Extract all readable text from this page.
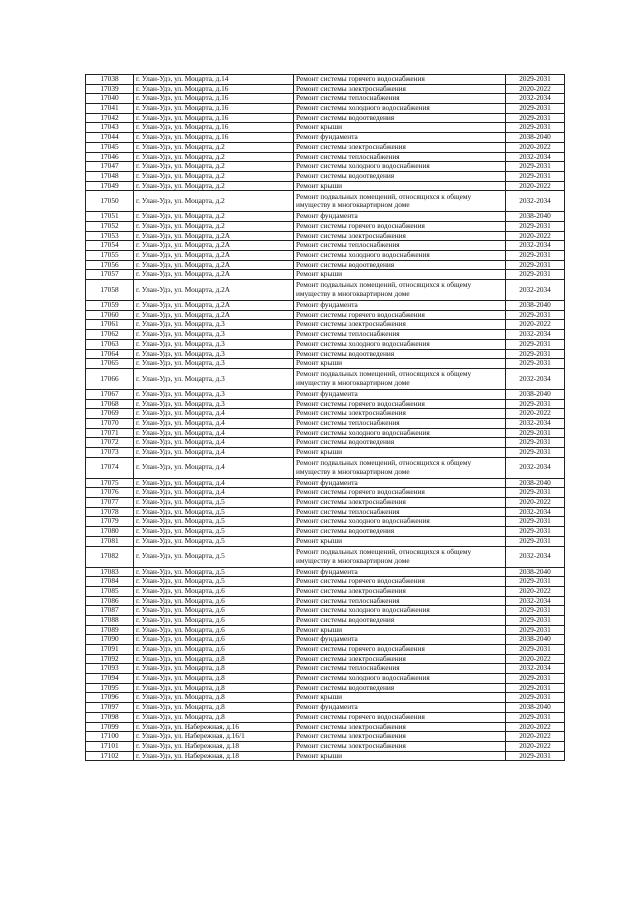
17038	г. Улан-Удэ, ул. Моцарта, д.14	Ремонт системы горячего водоснабжения	2029-2031
17039	г. Улан-Удэ, ул. Моцарта, д.16	Ремонт системы электроснабжения	2020-2022
17040	г. Улан-Удэ, ул. Моцарта, д.16	Ремонт системы теплоснабжения	2032-2034
17041	г. Улан-Удэ, ул. Моцарта, д.16	Ремонт системы холодного водоснабжения	2029-2031
17042	г. Улан-Удэ, ул. Моцарта, д.16	Ремонт системы водоотведения	2029-2031
17043	г. Улан-Удэ, ул. Моцарта, д.16	Ремонт крыши	2029-2031
17044	г. Улан-Удэ, ул. Моцарта, д.16	Ремонт фундамента	2038-2040
17045	г. Улан-Удэ, ул. Моцарта, д.2	Ремонт системы электроснабжения	2020-2022
17046	г. Улан-Удэ, ул. Моцарта, д.2	Ремонт системы теплоснабжения	2032-2034
17047	г. Улан-Удэ, ул. Моцарта, д.2	Ремонт системы холодного водоснабжения	2029-2031
17048	г. Улан-Удэ, ул. Моцарта, д.2	Ремонт системы водоотведения	2029-2031
17049	г. Улан-Удэ, ул. Моцарта, д.2	Ремонт крыши	2020-2022
17050	г. Улан-Удэ, ул. Моцарта, д.2	Ремонт подвальных помещений, относящихся к общему имуществу в многоквартирном доме	2032-2034
17051	г. Улан-Удэ, ул. Моцарта, д.2	Ремонт фундамента	2038-2040
17052	г. Улан-Удэ, ул. Моцарта, д.2	Ремонт системы горячего водоснабжения	2029-2031
17053	г. Улан-Удэ, ул. Моцарта, д.2А	Ремонт системы электроснабжения	2020-2022
17054	г. Улан-Удэ, ул. Моцарта, д.2А	Ремонт системы теплоснабжения	2032-2034
17055	г. Улан-Удэ, ул. Моцарта, д.2А	Ремонт системы холодного водоснабжения	2029-2031
17056	г. Улан-Удэ, ул. Моцарта, д.2А	Ремонт системы водоотведения	2029-2031
17057	г. Улан-Удэ, ул. Моцарта, д.2А	Ремонт крыши	2029-2031
17058	г. Улан-Удэ, ул. Моцарта, д.2А	Ремонт подвальных помещений, относящихся к общему имуществу в многоквартирном доме	2032-2034
17059	г. Улан-Удэ, ул. Моцарта, д.2А	Ремонт фундамента	2038-2040
17060	г. Улан-Удэ, ул. Моцарта, д.2А	Ремонт системы горячего водоснабжения	2029-2031
17061	г. Улан-Удэ, ул. Моцарта, д.3	Ремонт системы электроснабжения	2020-2022
17062	г. Улан-Удэ, ул. Моцарта, д.3	Ремонт системы теплоснабжения	2032-2034
17063	г. Улан-Удэ, ул. Моцарта, д.3	Ремонт системы холодного водоснабжения	2029-2031
17064	г. Улан-Удэ, ул. Моцарта, д.3	Ремонт системы водоотведения	2029-2031
17065	г. Улан-Удэ, ул. Моцарта, д.3	Ремонт крыши	2029-2031
17066	г. Улан-Удэ, ул. Моцарта, д.3	Ремонт подвальных помещений, относящихся к общему имуществу в многоквартирном доме	2032-2034
17067	г. Улан-Удэ, ул. Моцарта, д.3	Ремонт фундамента	2038-2040
17068	г. Улан-Удэ, ул. Моцарта, д.3	Ремонт системы горячего водоснабжения	2029-2031
17069	г. Улан-Удэ, ул. Моцарта, д.4	Ремонт системы электроснабжения	2020-2022
17070	г. Улан-Удэ, ул. Моцарта, д.4	Ремонт системы теплоснабжения	2032-2034
17071	г. Улан-Удэ, ул. Моцарта, д.4	Ремонт системы холодного водоснабжения	2029-2031
17072	г. Улан-Удэ, ул. Моцарта, д.4	Ремонт системы водоотведения	2029-2031
17073	г. Улан-Удэ, ул. Моцарта, д.4	Ремонт крыши	2029-2031
17074	г. Улан-Удэ, ул. Моцарта, д.4	Ремонт подвальных помещений, относящихся к общему имуществу в многоквартирном доме	2032-2034
17075	г. Улан-Удэ, ул. Моцарта, д.4	Ремонт фундамента	2038-2040
17076	г. Улан-Удэ, ул. Моцарта, д.4	Ремонт системы горячего водоснабжения	2029-2031
17077	г. Улан-Удэ, ул. Моцарта, д.5	Ремонт системы электроснабжения	2020-2022
17078	г. Улан-Удэ, ул. Моцарта, д.5	Ремонт системы теплоснабжения	2032-2034
17079	г. Улан-Удэ, ул. Моцарта, д.5	Ремонт системы холодного водоснабжения	2029-2031
17080	г. Улан-Удэ, ул. Моцарта, д.5	Ремонт системы водоотведения	2029-2031
17081	г. Улан-Удэ, ул. Моцарта, д.5	Ремонт крыши	2029-2031
17082	г. Улан-Удэ, ул. Моцарта, д.5	Ремонт подвальных помещений, относящихся к общему имуществу в многоквартирном доме	2032-2034
17083	г. Улан-Удэ, ул. Моцарта, д.5	Ремонт фундамента	2038-2040
17084	г. Улан-Удэ, ул. Моцарта, д.5	Ремонт системы горячего водоснабжения	2029-2031
17085	г. Улан-Удэ, ул. Моцарта, д.6	Ремонт системы электроснабжения	2020-2022
17086	г. Улан-Удэ, ул. Моцарта, д.6	Ремонт системы теплоснабжения	2032-2034
17087	г. Улан-Удэ, ул. Моцарта, д.6	Ремонт системы холодного водоснабжения	2029-2031
17088	г. Улан-Удэ, ул. Моцарта, д.6	Ремонт системы водоотведения	2029-2031
17089	г. Улан-Удэ, ул. Моцарта, д.6	Ремонт крыши	2029-2031
17090	г. Улан-Удэ, ул. Моцарта, д.6	Ремонт фундамента	2038-2040
17091	г. Улан-Удэ, ул. Моцарта, д.6	Ремонт системы горячего водоснабжения	2029-2031
17092	г. Улан-Удэ, ул. Моцарта, д.8	Ремонт системы электроснабжения	2020-2022
17093	г. Улан-Удэ, ул. Моцарта, д.8	Ремонт системы теплоснабжения	2032-2034
17094	г. Улан-Удэ, ул. Моцарта, д.8	Ремонт системы холодного водоснабжения	2029-2031
17095	г. Улан-Удэ, ул. Моцарта, д.8	Ремонт системы водоотведения	2029-2031
17096	г. Улан-Удэ, ул. Моцарта, д.8	Ремонт крыши	2029-2031
17097	г. Улан-Удэ, ул. Моцарта, д.8	Ремонт фундамента	2038-2040
17098	г. Улан-Удэ, ул. Моцарта, д.8	Ремонт системы горячего водоснабжения	2029-2031
17099	г. Улан-Удэ, ул. Набережная, д.16	Ремонт системы электроснабжения	2020-2022
17100	г. Улан-Удэ, ул. Набережная, д.16/1	Ремонт системы электроснабжения	2020-2022
17101	г. Улан-Удэ, ул. Набережная, д.18	Ремонт системы электроснабжения	2020-2022
17102	г. Улан-Удэ, ул. Набережная, д.18	Ремонт крыши	2029-2031
